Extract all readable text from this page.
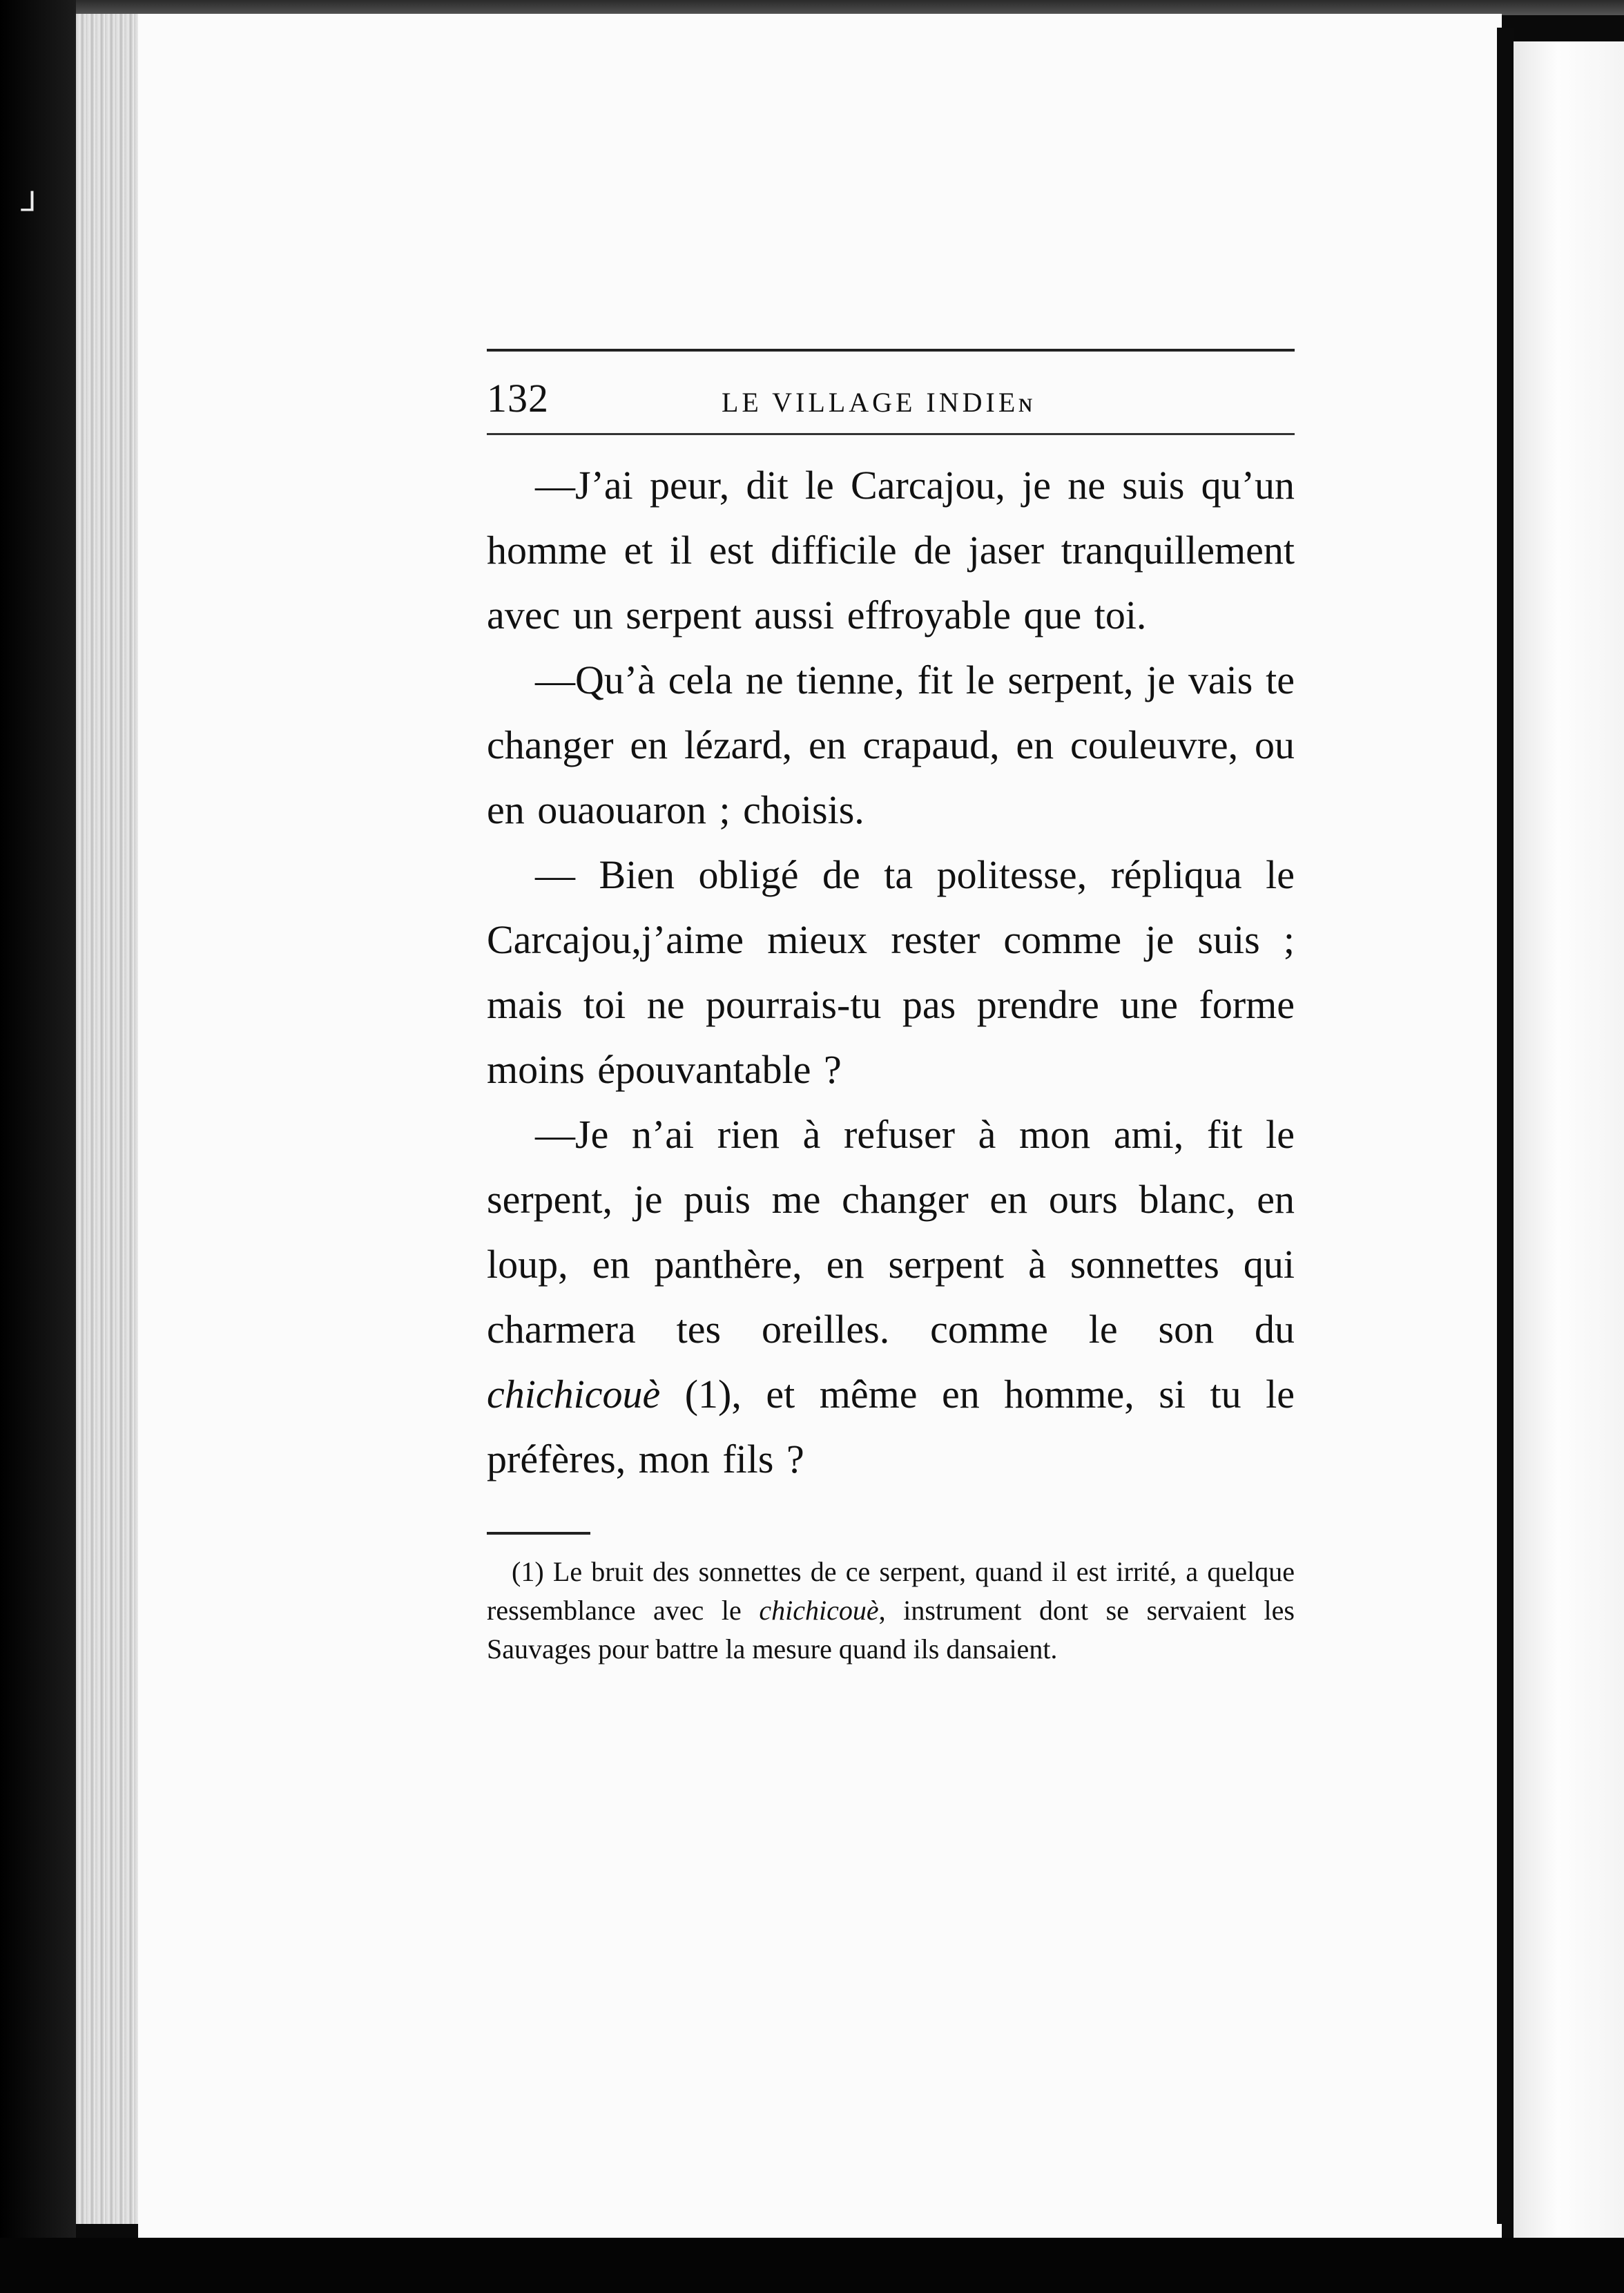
ᒧ
132	LE VILLAGE INDIEɴ

—J’ai peur, dit le Carcajou, je ne suis qu’un homme et il est difficile de jaser tranquillement avec un serpent aussi effroyable que toi.

—Qu’à cela ne tienne, fit le serpent, je vais te changer en lézard, en crapaud, en couleuvre, ou en ouaouaron ; choisis.

— Bien obligé de ta politesse, répliqua le Carcajou,j’aime mieux rester comme je suis ; mais toi ne pourrais-tu pas prendre une forme moins épouvantable ?

—Je n’ai rien à refuser à mon ami, fit le serpent, je puis me changer en ours blanc, en loup, en panthère, en serpent à sonnettes qui charmera tes oreilles. comme le son du chichicouè (1), et même en homme, si tu le préfères, mon fils ?

(1) Le bruit des sonnettes de ce serpent, quand il est irrité, a quelque ressemblance avec le chichicouè, instrument dont se servaient les Sauvages pour battre la mesure quand ils dansaient.
